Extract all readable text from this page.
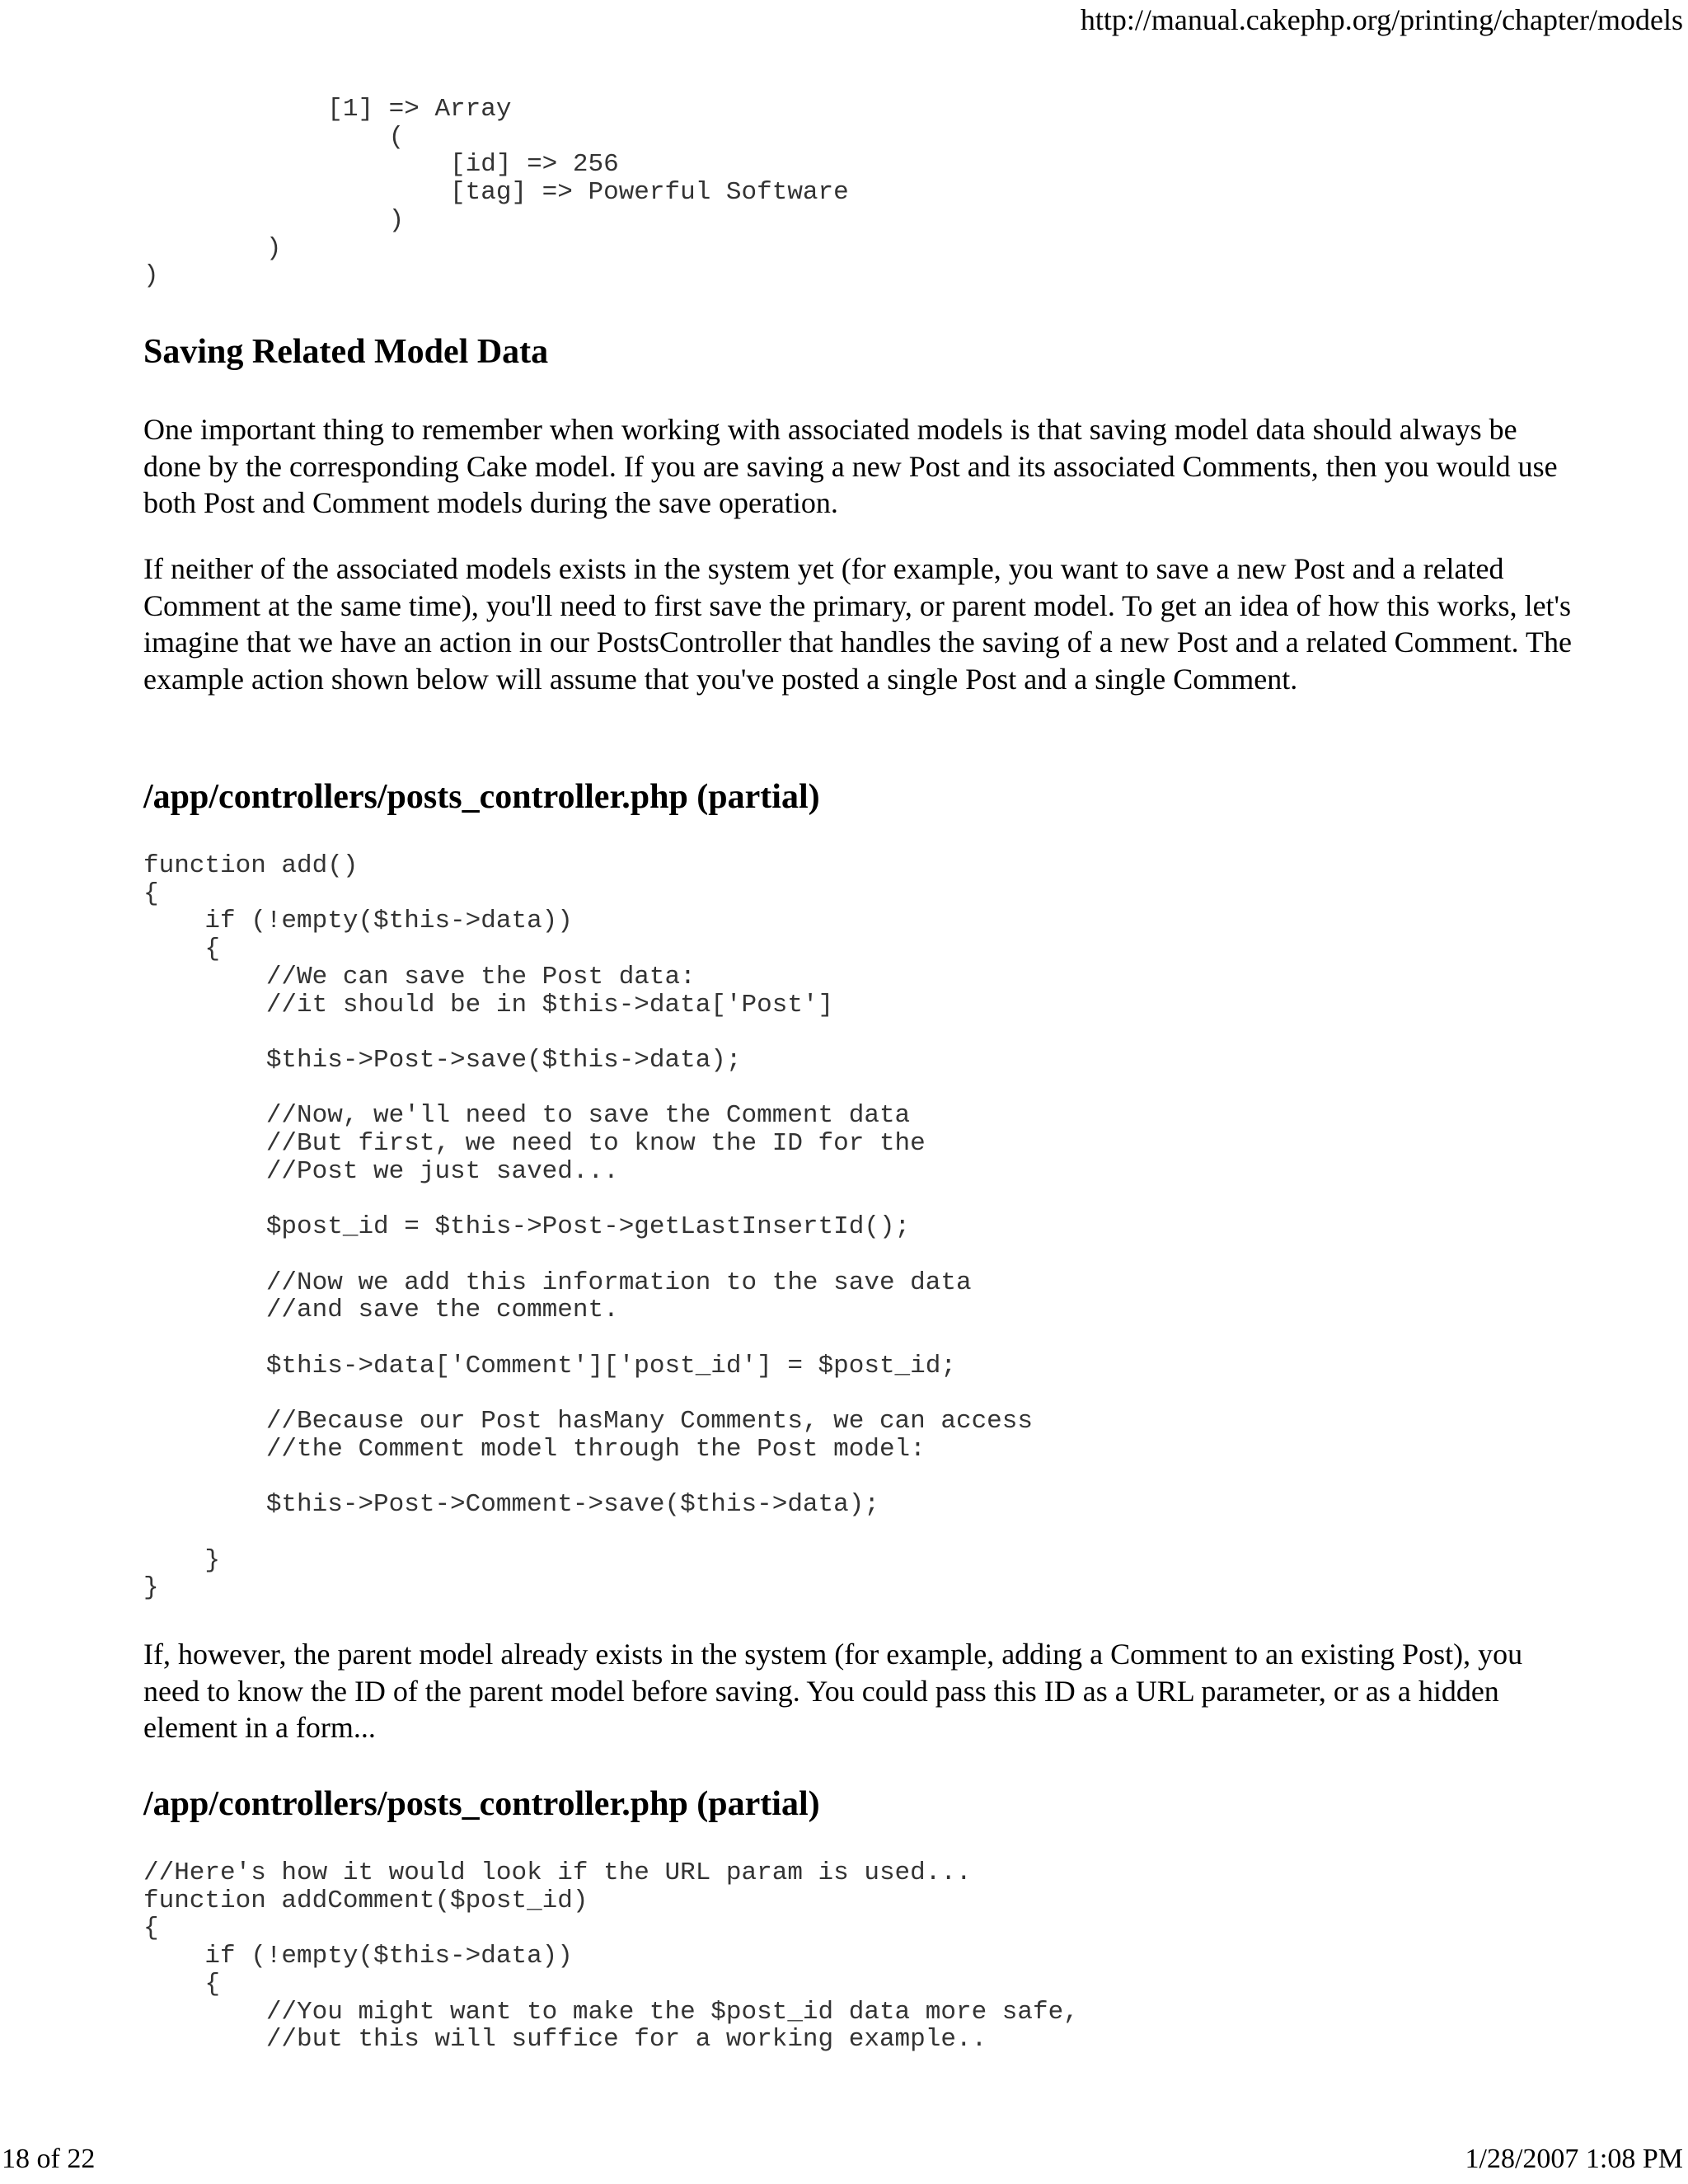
http://manual.cakephp.org/printing/chapter/models
[1] => Array
(
[id] => 256
[tag] => Powerful Software
)
)
)
Saving Related Model Data

One important thing to remember when working with associated models is that saving model data should always be done by the corresponding Cake model. If you are saving a new Post and its associated Comments, then you would use both Post and Comment models during the save operation.

If neither of the associated models exists in the system yet (for example, you want to save a new Post and a related Comment at the same time), you'll need to first save the primary, or parent model. To get an idea of how this works, let's imagine that we have an action in our PostsController that handles the saving of a new Post and a related Comment. The example action shown below will assume that you've posted a single Post and a single Comment.

/app/controllers/posts_controller.php (partial)
function add()
{
if (!empty($this->data))
{
//We can save the Post data:
//it should be in $this->data['Post']

$this->Post->save($this->data);

//Now, we'll need to save the Comment data
//But first, we need to know the ID for the
//Post we just saved...

$post_id = $this->Post->getLastInsertId();

//Now we add this information to the save data
//and save the comment.

$this->data['Comment']['post_id'] = $post_id;

//Because our Post hasMany Comments, we can access
//the Comment model through the Post model:

$this->Post->Comment->save($this->data);

}
}

If, however, the parent model already exists in the system (for example, adding a Comment to an existing Post), you need to know the ID of the parent model before saving. You could pass this ID as a URL parameter, or as a hidden element in a form...

/app/controllers/posts_controller.php (partial)
//Here's how it would look if the URL param is used...
function addComment($post_id)
{
if (!empty($this->data))
{
//You might want to make the $post_id data more safe,
//but this will suffice for a working example..
18 of 22	1/28/2007 1:08 PM
